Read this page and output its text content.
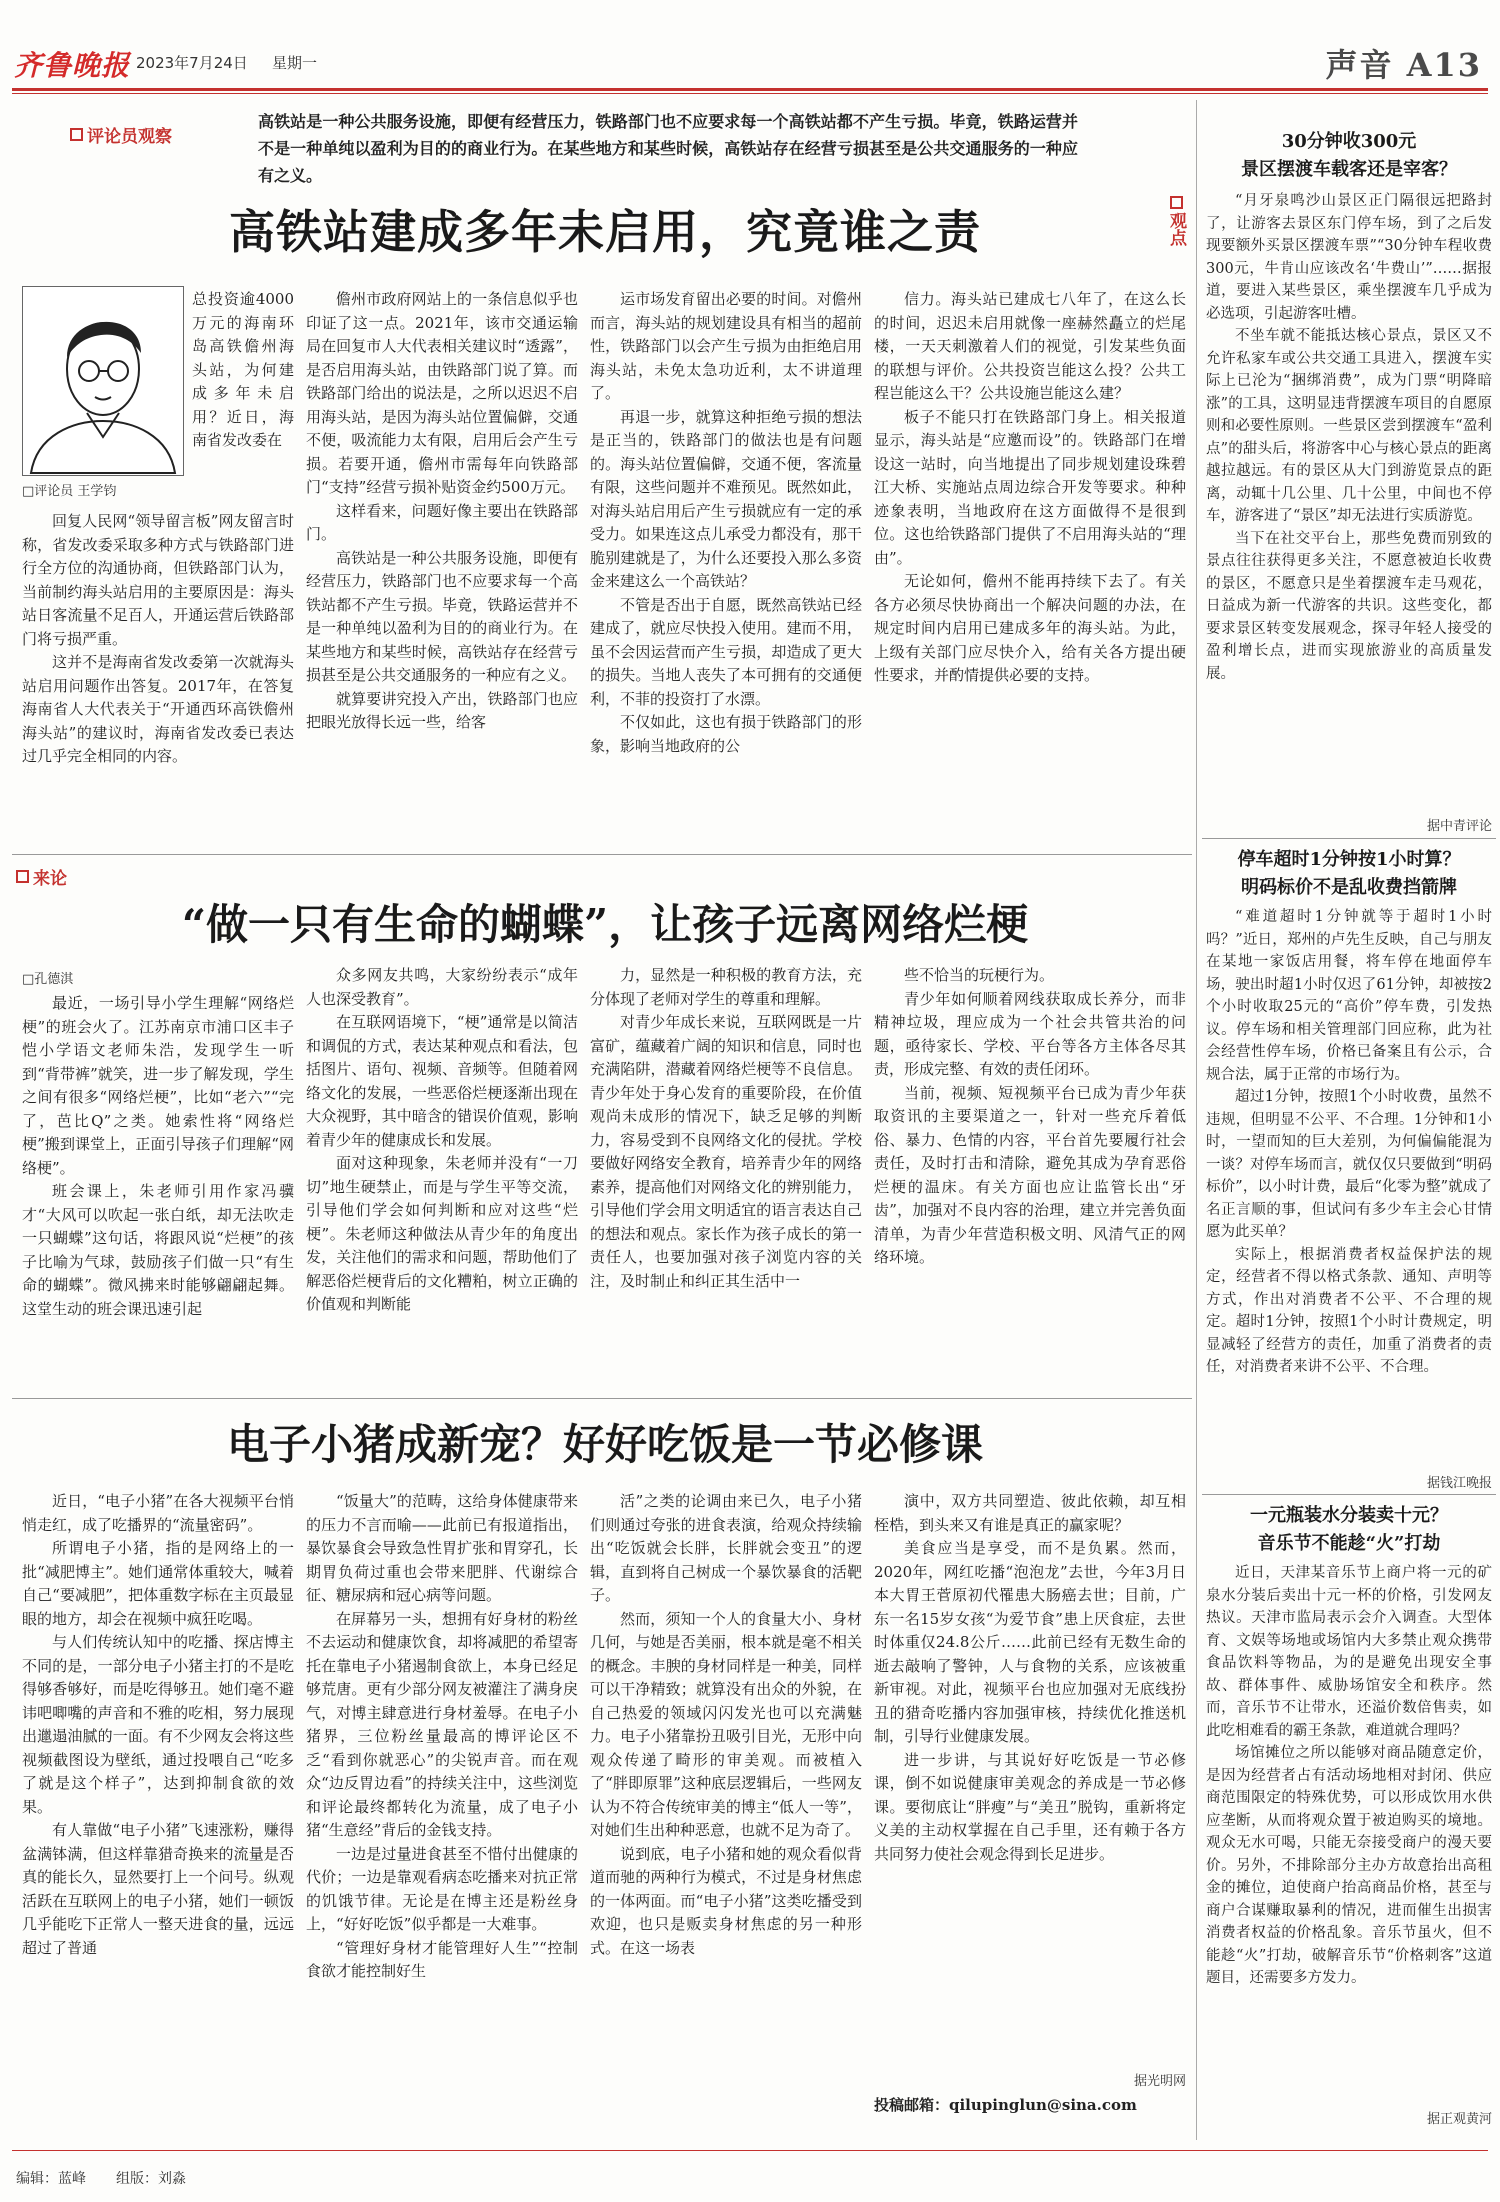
齐鲁晚报 2023年7月24日 星期一	声音 A13
评论员观察
高铁站是一种公共服务设施，即便有经营压力，铁路部门也不应要求每一个高铁站都不产生亏损。毕竟，铁路运营并不是一种单纯以盈利为目的的商业行为。在某些地方和某些时候，高铁站存在经营亏损甚至是公共交通服务的一种应有之义。
高铁站建成多年未启用，究竟谁之责
□评论员 王学钧
总投资逾4000万元的海南环岛高铁儋州海头站，为何建成多年未启用？近日，海南省发改委在

回复人民网“领导留言板”网友留言时称，省发改委采取多种方式与铁路部门进行全方位的沟通协商，但铁路部门认为，当前制约海头站启用的主要原因是：海头站日客流量不足百人，开通运营后铁路部门将亏损严重。

这并不是海南省发改委第一次就海头站启用问题作出答复。2017年，在答复海南省人大代表关于“开通西环高铁儋州海头站”的建议时，海南省发改委已表达过几乎完全相同的内容。

儋州市政府网站上的一条信息似乎也印证了这一点。2021年，该市交通运输局在回复市人大代表相关建议时“透露”，是否启用海头站，由铁路部门说了算。而铁路部门给出的说法是，之所以迟迟不启用海头站，是因为海头站位置偏僻，交通不便，吸流能力太有限，启用后会产生亏损。若要开通，儋州市需每年向铁路部门“支持”经营亏损补贴资金约500万元。

这样看来，问题好像主要出在铁路部门。

高铁站是一种公共服务设施，即便有经营压力，铁路部门也不应要求每一个高铁站都不产生亏损。毕竟，铁路运营并不是一种单纯以盈利为目的的商业行为。在某些地方和某些时候，高铁站存在经营亏损甚至是公共交通服务的一种应有之义。

就算要讲究投入产出，铁路部门也应把眼光放得长远一些，给客

运市场发育留出必要的时间。对儋州而言，海头站的规划建设具有相当的超前性，铁路部门以会产生亏损为由拒绝启用海头站，未免太急功近利，太不讲道理了。

再退一步，就算这种拒绝亏损的想法是正当的，铁路部门的做法也是有问题的。海头站位置偏僻，交通不便，客流量有限，这些问题并不难预见。既然如此，对海头站启用后产生亏损就应有一定的承受力。如果连这点儿承受力都没有，那干脆别建就是了，为什么还要投入那么多资金来建这么一个高铁站？

不管是否出于自愿，既然高铁站已经建成了，就应尽快投入使用。建而不用，虽不会因运营而产生亏损，却造成了更大的损失。当地人丧失了本可拥有的交通便利，不菲的投资打了水漂。

不仅如此，这也有损于铁路部门的形象，影响当地政府的公

信力。海头站已建成七八年了，在这么长的时间，迟迟未启用就像一座赫然矗立的烂尾楼，一天天刺激着人们的视觉，引发某些负面的联想与评价。公共投资岂能这么投？公共工程岂能这么干？公共设施岂能这么建？

板子不能只打在铁路部门身上。相关报道显示，海头站是“应邀而设”的。铁路部门在增设这一站时，向当地提出了同步规划建设珠碧江大桥、实施站点周边综合开发等要求。种种迹象表明，当地政府在这方面做得不是很到位。这也给铁路部门提供了不启用海头站的“理由”。

无论如何，儋州不能再持续下去了。有关各方必须尽快协商出一个解决问题的办法，在规定时间内启用已建成多年的海头站。为此，上级有关部门应尽快介入，给有关各方提出硬性要求，并酌情提供必要的支持。

来论
“做一只有生命的蝴蝶”，让孩子远离网络烂梗
□孔德淇

最近，一场引导小学生理解“网络烂梗”的班会火了。江苏南京市浦口区丰子恺小学语文老师朱浩，发现学生一听到“背带裤”就笑，进一步了解发现，学生之间有很多“网络烂梗”，比如“老六”“完了，芭比Q”之类。她索性将“网络烂梗”搬到课堂上，正面引导孩子们理解“网络梗”。

班会课上，朱老师引用作家冯骥才“大风可以吹起一张白纸，却无法吹走一只蝴蝶”这句话，将跟风说“烂梗”的孩子比喻为气球，鼓励孩子们做一只“有生命的蝴蝶”。微风拂来时能够翩翩起舞。这堂生动的班会课迅速引起

众多网友共鸣，大家纷纷表示“成年人也深受教育”。

在互联网语境下，“梗”通常是以简洁和调侃的方式，表达某种观点和看法，包括图片、语句、视频、音频等。但随着网络文化的发展，一些恶俗烂梗逐渐出现在大众视野，其中暗含的错误价值观，影响着青少年的健康成长和发展。

面对这种现象，朱老师并没有“一刀切”地生硬禁止，而是与学生平等交流，引导他们学会如何判断和应对这些“烂梗”。朱老师这种做法从青少年的角度出发，关注他们的需求和问题，帮助他们了解恶俗烂梗背后的文化糟粕，树立正确的价值观和判断能

力，显然是一种积极的教育方法，充分体现了老师对学生的尊重和理解。

对青少年成长来说，互联网既是一片富矿，蕴藏着广阔的知识和信息，同时也充满陷阱，潜藏着网络烂梗等不良信息。青少年处于身心发育的重要阶段，在价值观尚未成形的情况下，缺乏足够的判断力，容易受到不良网络文化的侵扰。学校要做好网络安全教育，培养青少年的网络素养，提高他们对网络文化的辨别能力，引导他们学会用文明适宜的语言表达自己的想法和观点。家长作为孩子成长的第一责任人，也要加强对孩子浏览内容的关注，及时制止和纠正其生活中一

些不恰当的玩梗行为。

青少年如何顺着网线获取成长养分，而非精神垃圾，理应成为一个社会共管共治的问题，亟待家长、学校、平台等各方主体各尽其责，形成完整、有效的责任闭环。

当前，视频、短视频平台已成为青少年获取资讯的主要渠道之一，针对一些充斥着低俗、暴力、色情的内容，平台首先要履行社会责任，及时打击和清除，避免其成为孕育恶俗烂梗的温床。有关方面也应让监管长出“牙齿”，加强对不良内容的治理，建立并完善负面清单，为青少年营造积极文明、风清气正的网络环境。

电子小猪成新宠？好好吃饭是一节必修课

近日，“电子小猪”在各大视频平台悄悄走红，成了吃播界的“流量密码”。

所谓电子小猪，指的是网络上的一批“减肥博主”。她们通常体重较大，喊着自己“要减肥”，把体重数字标在主页最显眼的地方，却会在视频中疯狂吃喝。

与人们传统认知中的吃播、探店博主不同的是，一部分电子小猪主打的不是吃得够香够好，而是吃得够丑。她们毫不避讳吧唧嘴的声音和不雅的吃相，努力展现出邋遢油腻的一面。有不少网友会将这些视频截图设为壁纸，通过投喂自己“吃多了就是这个样子”，达到抑制食欲的效果。

有人靠做“电子小猪”飞速涨粉，赚得盆满钵满，但这样靠猎奇换来的流量是否真的能长久，显然要打上一个问号。纵观活跃在互联网上的电子小猪，她们一顿饭几乎能吃下正常人一整天进食的量，远远超过了普通

“饭量大”的范畴，这给身体健康带来的压力不言而喻——此前已有报道指出，暴饮暴食会导致急性胃扩张和胃穿孔，长期胃负荷过重也会带来肥胖、代谢综合征、糖尿病和冠心病等问题。

在屏幕另一头，想拥有好身材的粉丝不去运动和健康饮食，却将减肥的希望寄托在靠电子小猪遏制食欲上，本身已经足够荒唐。更有少部分网友被灌注了满身戾气，对博主肆意进行身材羞辱。在电子小猪界，三位粉丝量最高的博评论区不乏“看到你就恶心”的尖锐声音。而在观众“边反胃边看”的持续关注中，这些浏览和评论最终都转化为流量，成了电子小猪“生意经”背后的金钱支持。

一边是过量进食甚至不惜付出健康的代价；一边是靠观看病态吃播来对抗正常的饥饿节律。无论是在博主还是粉丝身上，“好好吃饭”似乎都是一大难事。

“管理好身材才能管理好人生”“控制食欲才能控制好生

活”之类的论调由来已久，电子小猪们则通过夸张的进食表演，给观众持续输出“吃饭就会长胖，长胖就会变丑”的逻辑，直到将自己树成一个暴饮暴食的活靶子。

然而，须知一个人的食量大小、身材几何，与她是否美丽，根本就是毫不相关的概念。丰腴的身材同样是一种美，同样可以干净精致；就算没有出众的外貌，在自己热爱的领域闪闪发光也可以充满魅力。电子小猪靠扮丑吸引目光，无形中向观众传递了畸形的审美观。而被植入了“胖即原罪”这种底层逻辑后，一些网友认为不符合传统审美的博主“低人一等”，对她们生出种种恶意，也就不足为奇了。

说到底，电子小猪和她的观众看似背道而驰的两种行为模式，不过是身材焦虑的一体两面。而“电子小猪”这类吃播受到欢迎，也只是贩卖身材焦虑的另一种形式。在这一场表

演中，双方共同塑造、彼此依赖，却互相桎梏，到头来又有谁是真正的赢家呢？

美食应当是享受，而不是负累。然而，2020年，网红吃播“泡泡龙”去世，今年3月日本大胃王菅原初代罹患大肠癌去世；目前，广东一名15岁女孩“为爱节食”患上厌食症，去世时体重仅24.8公斤……此前已经有无数生命的逝去敲响了警钟，人与食物的关系，应该被重新审视。对此，视频平台也应加强对无底线扮丑的猎奇吃播内容加强审核，持续优化推送机制，引导行业健康发展。

进一步讲，与其说好好吃饭是一节必修课，倒不如说健康审美观念的养成是一节必修课。要彻底让“胖瘦”与“美丑”脱钩，重新将定义美的主动权掌握在自己手里，还有赖于各方共同努力使社会观念得到长足进步。

据光明网
投稿邮箱：qilupinglun@sina.com
观点
30分钟收300元
景区摆渡车载客还是宰客？

“月牙泉鸣沙山景区正门隔很远把路封了，让游客去景区东门停车场，到了之后发现要额外买景区摆渡车票”“30分钟车程收费300元，牛肯山应该改名‘牛费山’”……据报道，要进入某些景区，乘坐摆渡车几乎成为必选项，引起游客吐槽。

不坐车就不能抵达核心景点，景区又不允许私家车或公共交通工具进入，摆渡车实际上已沦为“捆绑消费”，成为门票“明降暗涨”的工具，这明显违背摆渡车项目的自愿原则和必要性原则。一些景区尝到摆渡车“盈利点”的甜头后，将游客中心与核心景点的距离越拉越远。有的景区从大门到游览景点的距离，动辄十几公里、几十公里，中间也不停车，游客进了“景区”却无法进行实质游览。

当下在社交平台上，那些免费而别致的景点往往获得更多关注，不愿意被迫长收费的景区，不愿意只是坐着摆渡车走马观花，日益成为新一代游客的共识。这些变化，都要求景区转变发展观念，探寻年轻人接受的盈利增长点，进而实现旅游业的高质量发展。

据中青评论
停车超时1分钟按1小时算？
明码标价不是乱收费挡箭牌

“难道超时1分钟就等于超时1小时吗？”近日，郑州的卢先生反映，自己与朋友在某地一家饭店用餐，将车停在地面停车场，驶出时超1小时仅迟了61分钟，却被按2个小时收取25元的“高价”停车费，引发热议。停车场和相关管理部门回应称，此为社会经营性停车场，价格已备案且有公示，合规合法，属于正常的市场行为。

超过1分钟，按照1个小时收费，虽然不违规，但明显不公平、不合理。1分钟和1小时，一望而知的巨大差别，为何偏偏能混为一谈？对停车场而言，就仅仅只要做到“明码标价”，以小时计费，最后“化零为整”就成了名正言顺的事，但试问有多少车主会心甘情愿为此买单？

实际上，根据消费者权益保护法的规定，经营者不得以格式条款、通知、声明等方式，作出对消费者不公平、不合理的规定。超时1分钟，按照1个小时计费规定，明显减轻了经营方的责任，加重了消费者的责任，对消费者来讲不公平、不合理。

据钱江晚报
一元瓶装水分装卖十元？
音乐节不能趁“火”打劫

近日，天津某音乐节上商户将一元的矿泉水分装后卖出十元一杯的价格，引发网友热议。天津市监局表示会介入调查。大型体育、文娱等场地或场馆内大多禁止观众携带食品饮料等物品，为的是避免出现安全事故、群体事件、威胁场馆安全和秩序。然而，音乐节不让带水，还溢价数倍售卖，如此吃相难看的霸王条款，难道就合理吗？

场馆摊位之所以能够对商品随意定价，是因为经营者占有活动场地相对封闭、供应商范围限定的特殊优势，可以形成饮用水供应垄断，从而将观众置于被迫购买的境地。观众无水可喝，只能无奈接受商户的漫天要价。另外，不排除部分主办方故意抬出高租金的摊位，迫使商户抬高商品价格，甚至与商户合谋赚取暴利的情况，进而催生出损害消费者权益的价格乱象。音乐节虽火，但不能趁“火”打劫，破解音乐节“价格刺客”这道题目，还需要多方发力。

据正观黄河
编辑：蓝峰 组版：刘淼
